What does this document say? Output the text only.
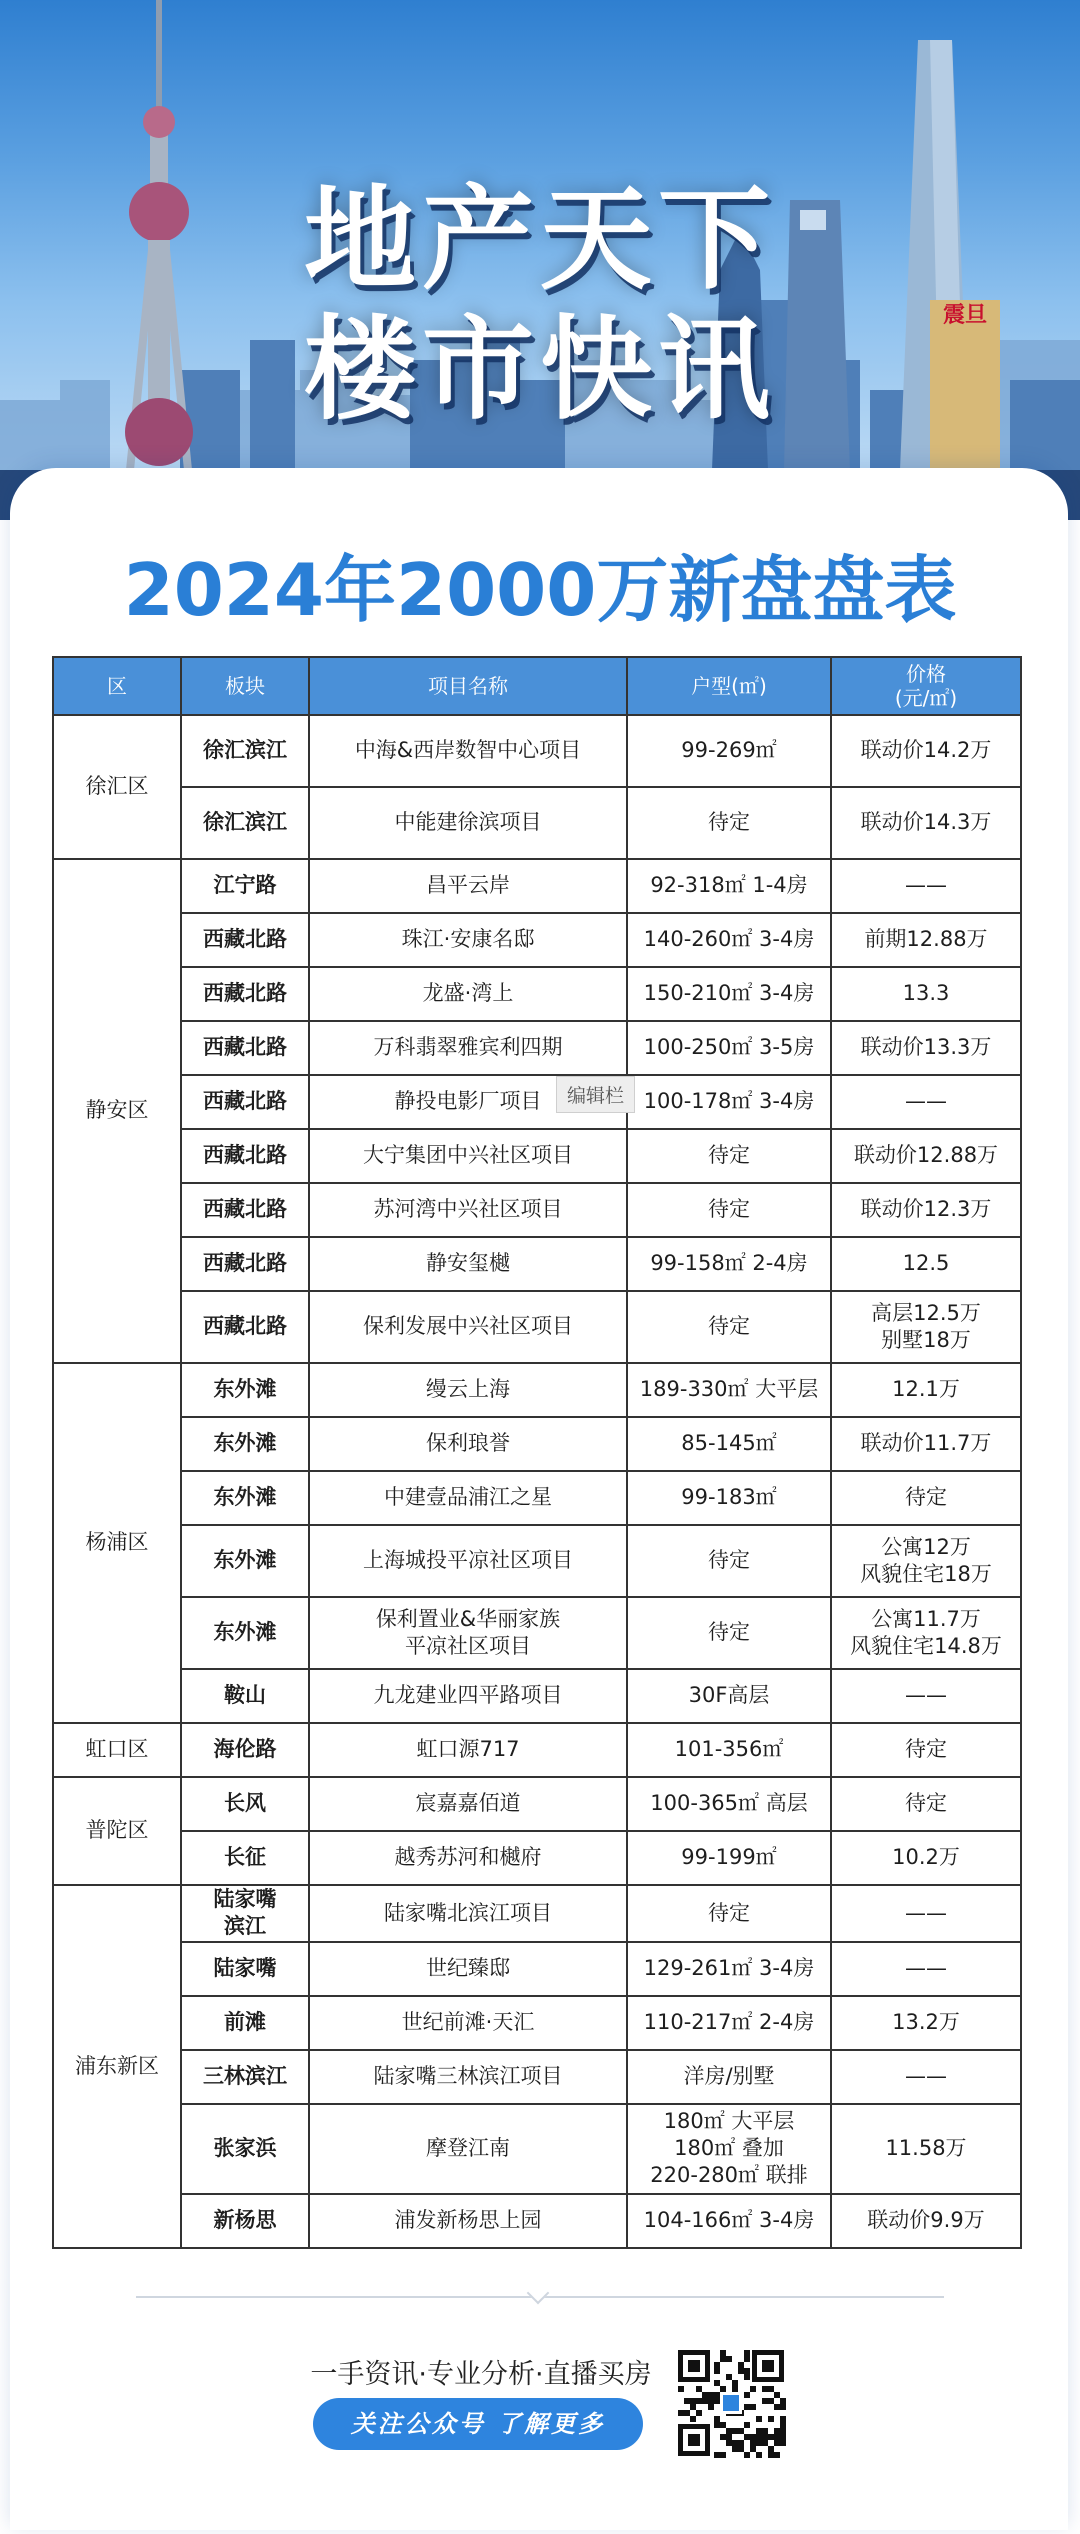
震旦
地产天下
楼市快讯
2024年2000万新盘盘表
区	板块	项目名称	户型(㎡)	价格
(元/㎡)
徐汇区	徐汇滨江	中海&西岸数智中心项目	99-269㎡	联动价14.2万
	徐汇滨江	中能建徐滨项目	待定	联动价14.3万
静安区	江宁路	昌平云岸	92-318㎡ 1-4房	——
	西藏北路	珠江·安康名邸	140-260㎡ 3-4房	前期12.88万
	西藏北路	龙盛·湾上	150-210㎡ 3-4房	13.3
	西藏北路	万科翡翠雅宾利四期	100-250㎡ 3-5房	联动价13.3万
	西藏北路	静投电影厂项目	100-178㎡ 3-4房	——
	西藏北路	大宁集团中兴社区项目	待定	联动价12.88万
	西藏北路	苏河湾中兴社区项目	待定	联动价12.3万
	西藏北路	静安玺樾	99-158㎡ 2-4房	12.5
	西藏北路	保利发展中兴社区项目	待定	高层12.5万
别墅18万
杨浦区	东外滩	缦云上海	189-330㎡ 大平层	12.1万
	东外滩	保利琅誉	85-145㎡	联动价11.7万
	东外滩	中建壹品浦江之星	99-183㎡	待定
	东外滩	上海城投平凉社区项目	待定	公寓12万
风貌住宅18万
	东外滩	保利置业&华丽家族
平凉社区项目	待定	公寓11.7万
风貌住宅14.8万
	鞍山	九龙建业四平路项目	30F高层	——
虹口区	海伦路	虹口源717	101-356㎡	待定
普陀区	长风	宸嘉嘉佰道	100-365㎡ 高层	待定
	长征	越秀苏河和樾府	99-199㎡	10.2万
浦东新区	陆家嘴
滨江	陆家嘴北滨江项目	待定	——
	陆家嘴	世纪臻邸	129-261㎡ 3-4房	——
	前滩	世纪前滩·天汇	110-217㎡ 2-4房	13.2万
	三林滨江	陆家嘴三林滨江项目	洋房/别墅	——
	张家浜	摩登江南	180㎡ 大平层
180㎡ 叠加
220-280㎡ 联排	11.58万
	新杨思	浦发新杨思上园	104-166㎡ 3-4房	联动价9.9万
编辑栏
一手资讯·专业分析·直播买房
关注公众号 了解更多
